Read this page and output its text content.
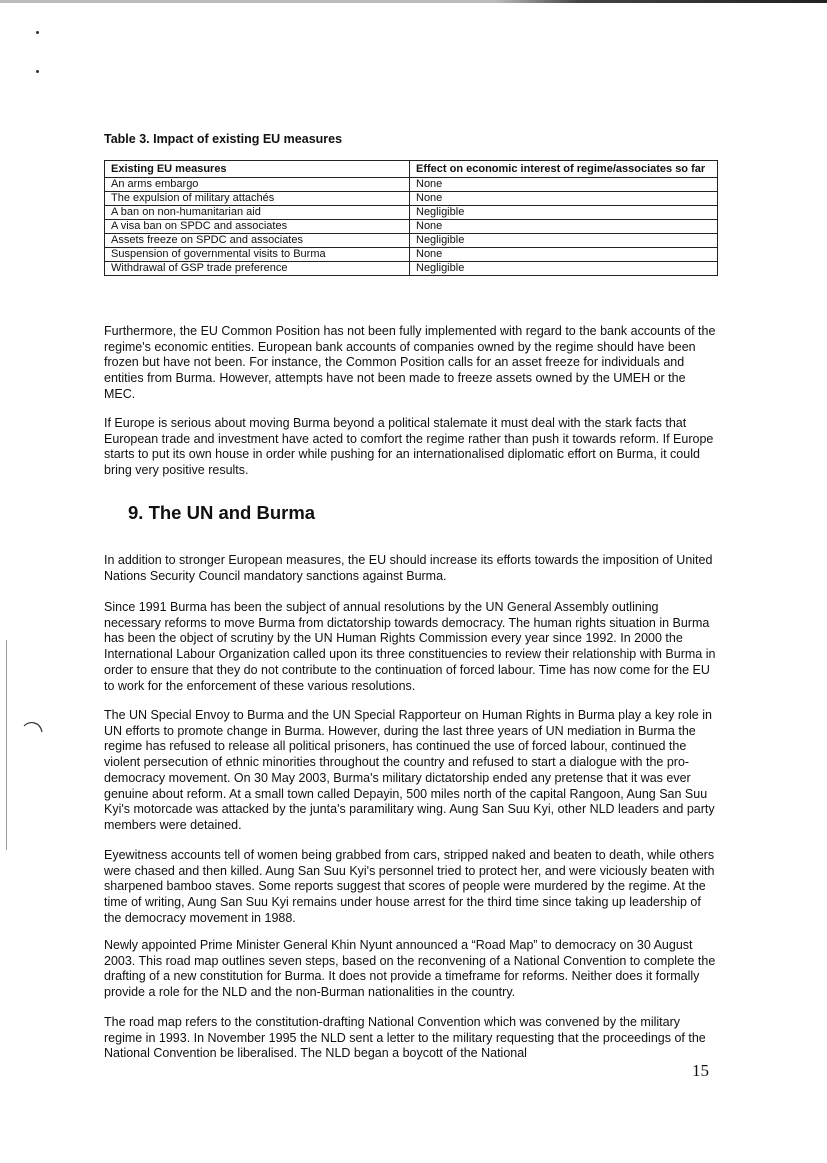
Table 3. Impact of existing EU measures
Existing EU measures	Effect on economic interest of regime/associates so far
An arms embargo	None
The expulsion of military attachés	None
A ban on non-humanitarian aid	Negligible
A visa ban on SPDC and associates	None
Assets freeze on SPDC and associates	Negligible
Suspension of governmental visits to Burma	None
Withdrawal of GSP trade preference	Negligible

Furthermore, the EU Common Position has not been fully implemented with regard to the bank accounts of the regime's economic entities. European bank accounts of companies owned by the regime should have been frozen but have not been. For instance, the Common Position calls for an asset freeze for individuals and entities from Burma. However, attempts have not been made to freeze assets owned by the UMEH or the MEC.

If Europe is serious about moving Burma beyond a political stalemate it must deal with the stark facts that European trade and investment have acted to comfort the regime rather than push it towards reform. If Europe starts to put its own house in order while pushing for an internationalised diplomatic effort on Burma, it could bring very positive results.

9. The UN and Burma

In addition to stronger European measures, the EU should increase its efforts towards the imposition of United Nations Security Council mandatory sanctions against Burma.

Since 1991 Burma has been the subject of annual resolutions by the UN General Assembly outlining necessary reforms to move Burma from dictatorship towards democracy. The human rights situation in Burma has been the object of scrutiny by the UN Human Rights Commission every year since 1992. In 2000 the International Labour Organization called upon its three constituencies to review their relationship with Burma in order to ensure that they do not contribute to the continuation of forced labour. Time has now come for the EU to work for the enforcement of these various resolutions.

The UN Special Envoy to Burma and the UN Special Rapporteur on Human Rights in Burma play a key role in UN efforts to promote change in Burma. However, during the last three years of UN mediation in Burma the regime has refused to release all political prisoners, has continued the use of forced labour, continued the violent persecution of ethnic minorities throughout the country and refused to start a dialogue with the pro-democracy movement. On 30 May 2003, Burma's military dictatorship ended any pretense that it was ever genuine about reform. At a small town called Depayin, 500 miles north of the capital Rangoon, Aung San Suu Kyi's motorcade was attacked by the junta's paramilitary wing. Aung San Suu Kyi, other NLD leaders and party members were detained.

Eyewitness accounts tell of women being grabbed from cars, stripped naked and beaten to death, while others were chased and then killed. Aung San Suu Kyi's personnel tried to protect her, and were viciously beaten with sharpened bamboo staves. Some reports suggest that scores of people were murdered by the regime. At the time of writing, Aung San Suu Kyi remains under house arrest for the third time since taking up leadership of the democracy movement in 1988.

Newly appointed Prime Minister General Khin Nyunt announced a “Road Map” to democracy on 30 August 2003. This road map outlines seven steps, based on the reconvening of a National Convention to complete the drafting of a new constitution for Burma. It does not provide a timeframe for reforms. Neither does it formally provide a role for the NLD and the non-Burman nationalities in the country.

The road map refers to the constitution-drafting National Convention which was convened by the military regime in 1993. In November 1995 the NLD sent a letter to the military requesting that the proceedings of the National Convention be liberalised. The NLD began a boycott of the National

15
